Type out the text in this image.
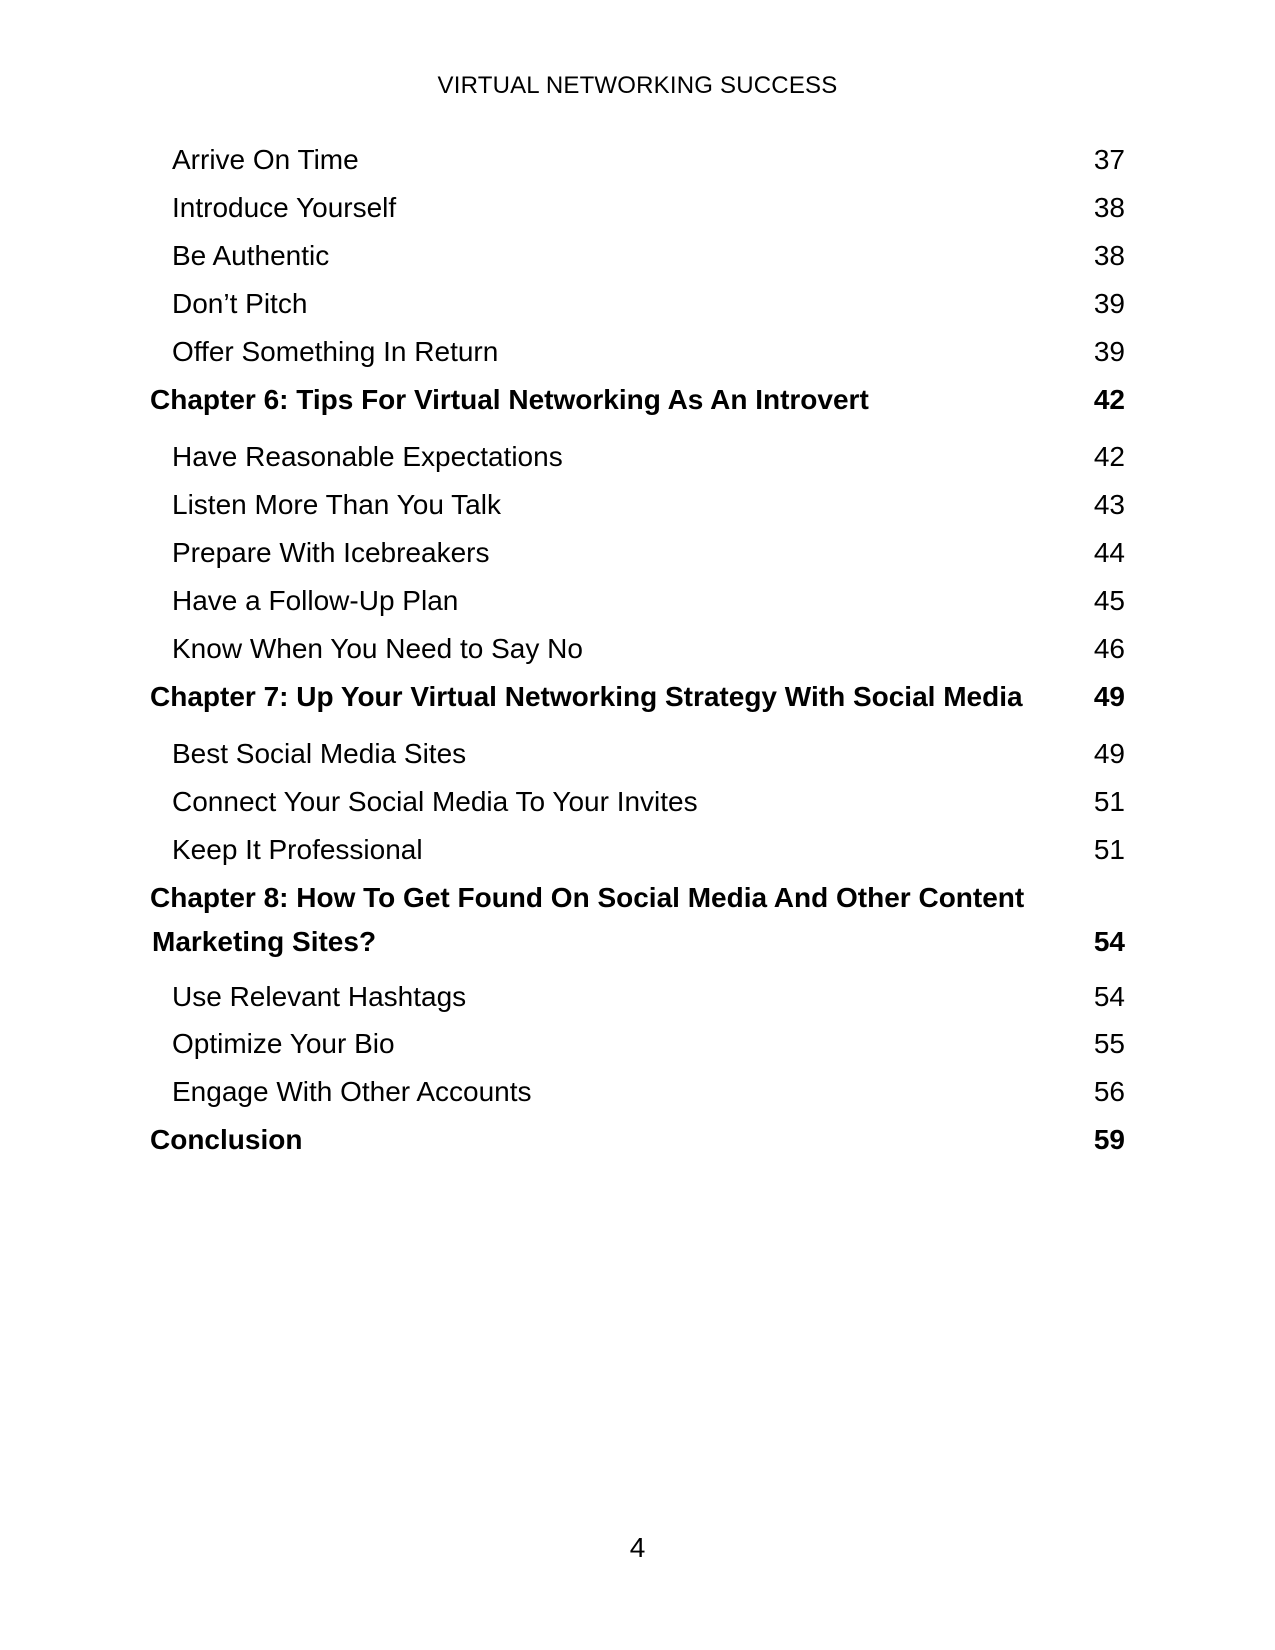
VIRTUAL NETWORKING SUCCESS
Arrive On Time	37
Introduce Yourself	38
Be Authentic	38
Don’t Pitch	39
Offer Something In Return	39
Chapter 6: Tips For Virtual Networking As An Introvert	42
Have Reasonable Expectations	42
Listen More Than You Talk	43
Prepare With Icebreakers	44
Have a Follow-Up Plan	45
Know When You Need to Say No	46
Chapter 7: Up Your Virtual Networking Strategy With Social Media	49
Best Social Media Sites	49
Connect Your Social Media To Your Invites	51
Keep It Professional	51
Chapter 8: How To Get Found On Social Media And Other Content
Marketing Sites?	54
Use Relevant Hashtags	54
Optimize Your Bio	55
Engage With Other Accounts	56
Conclusion	59
4
